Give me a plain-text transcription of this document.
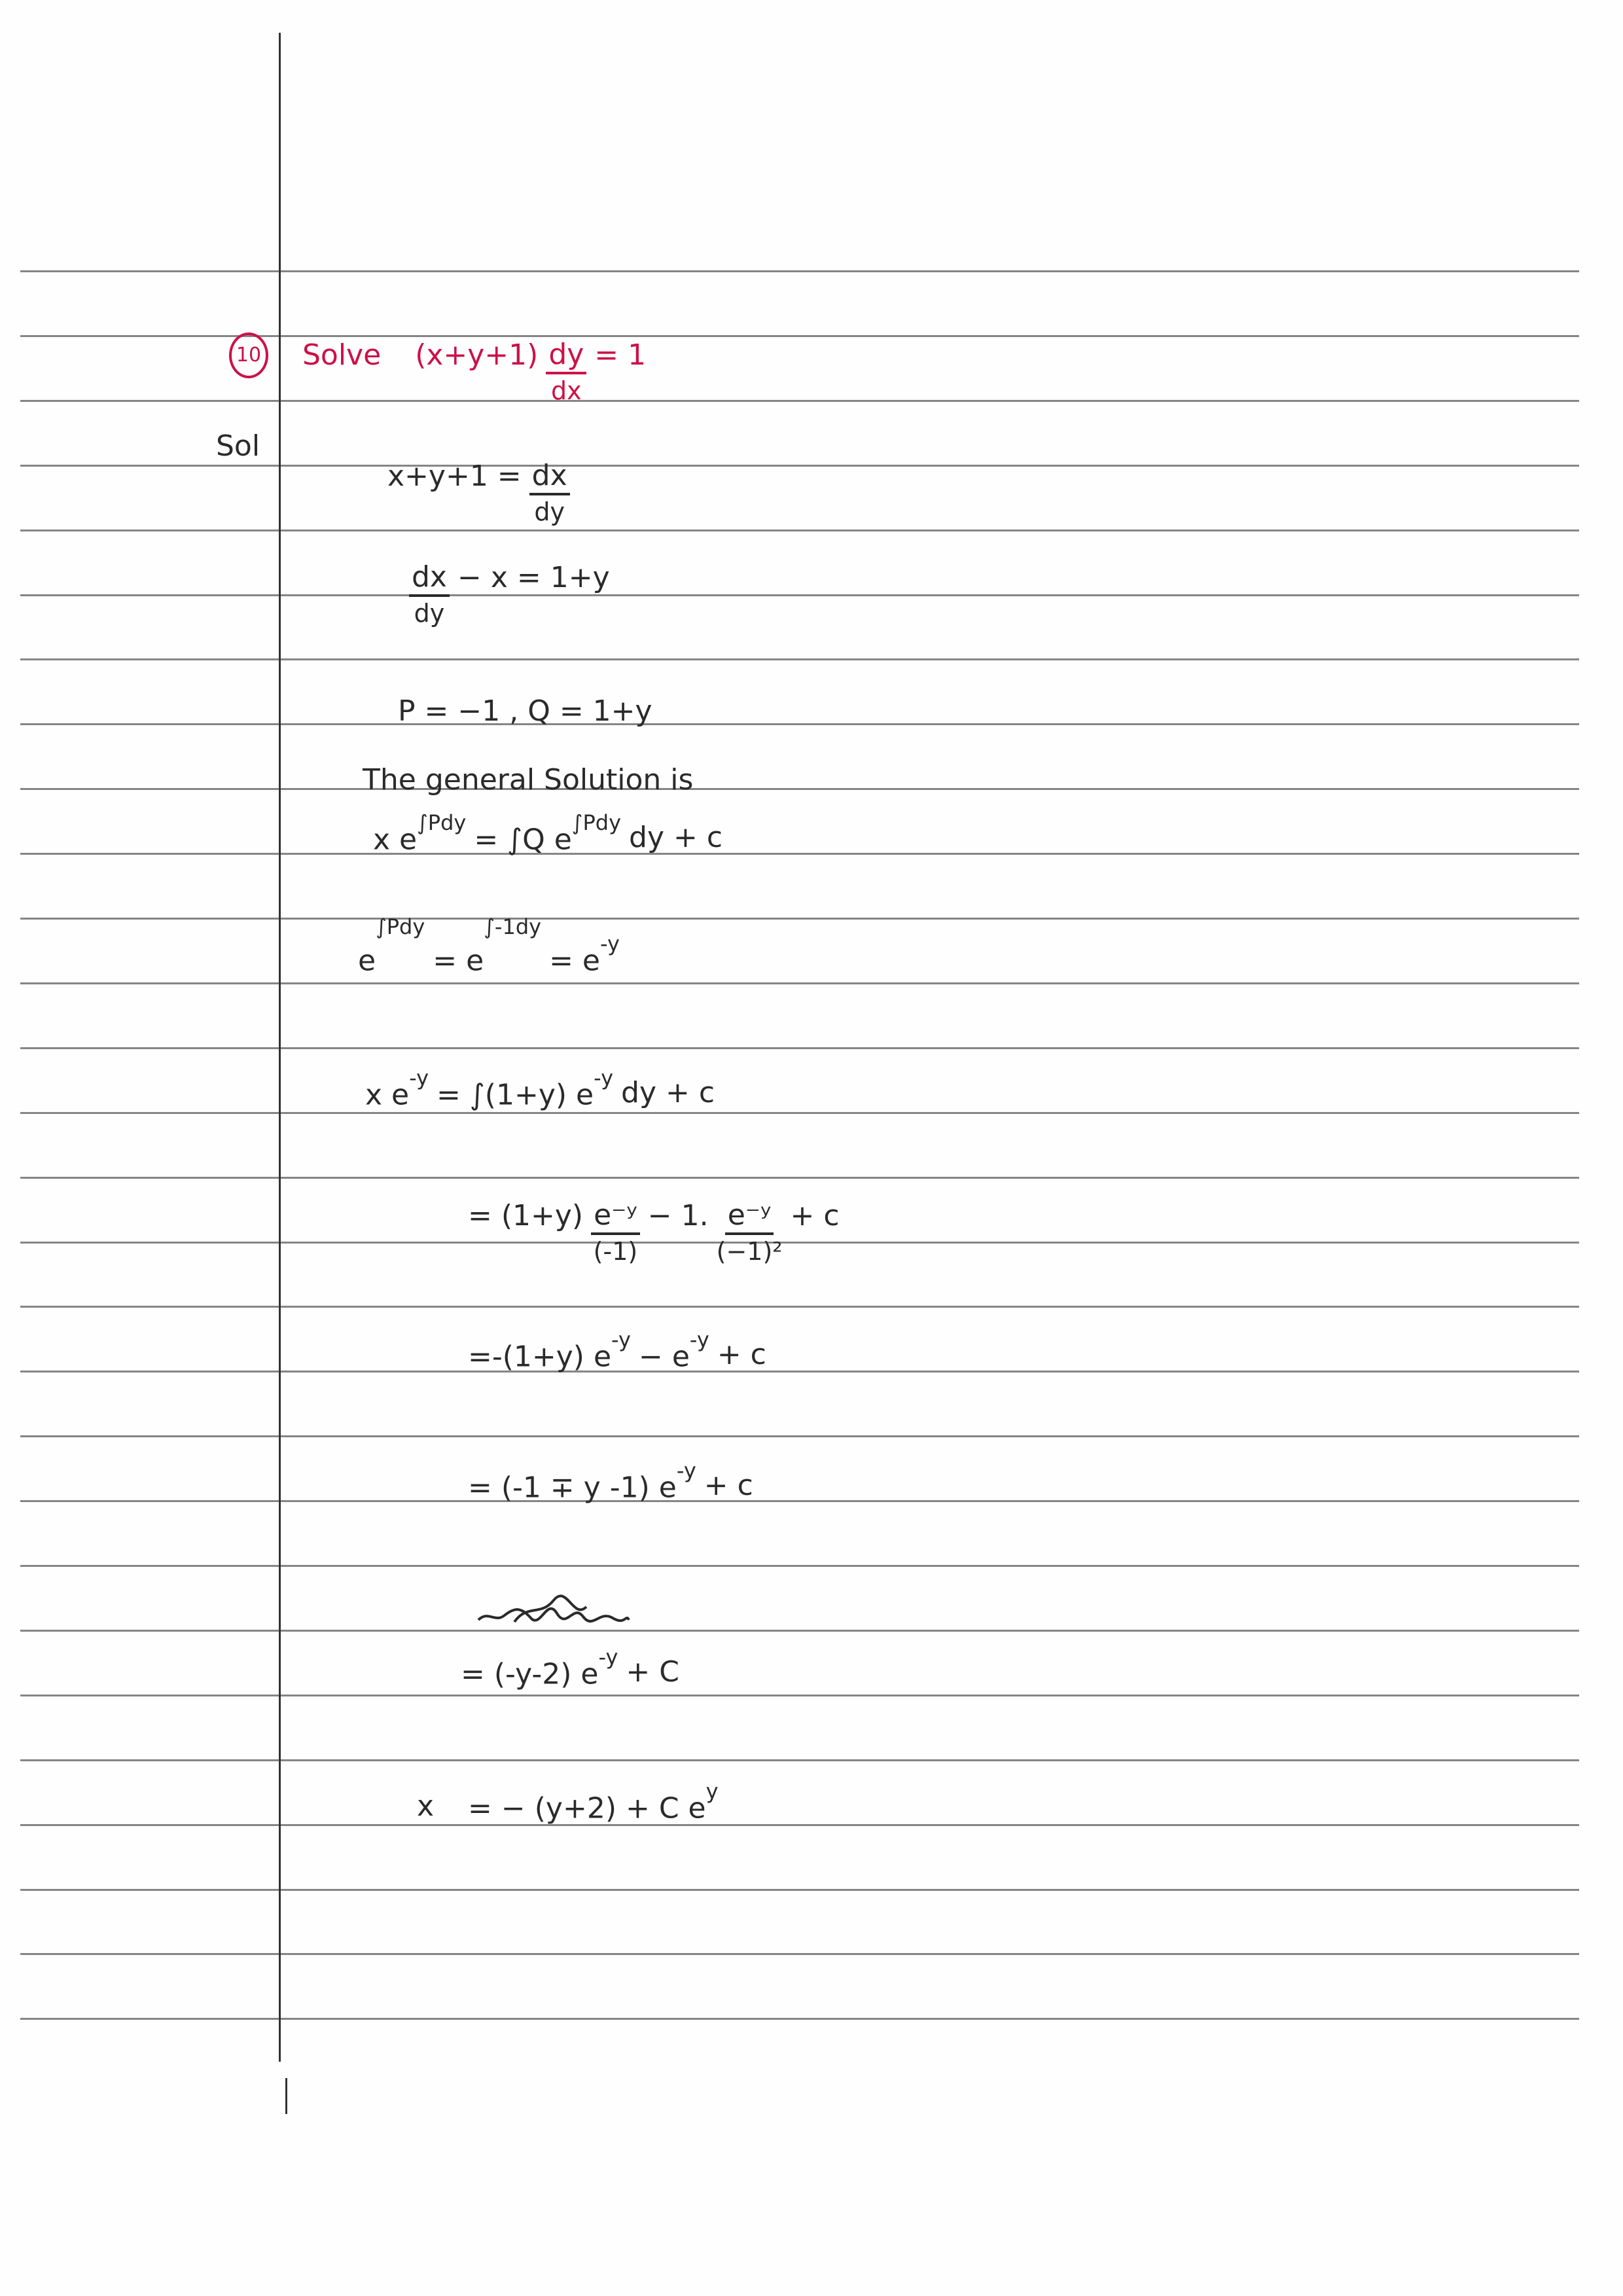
10 Solve $(x+y+1) \frac{dy}{dx} = 1$
Sol
$x+y+1 = \frac{dx}{dy}$
$\frac{dx}{dy} - x = 1+y$
P = −1 , Q = 1+y
The general Solution is
x $e^{\int Pdy}$
= ∫Q $e^{\int Pdy}$ dy + c
$e^{\int Pdy}$
= $e^{\int-1dy}$
= $e^{-y}$
x $e^{-y}$
= ∫(1+y) $e^{-y}$ dy + c
= $(1+y) \frac{\text{e⁻ʸ}}{(-1)} - 1$. $\frac{\text{e⁻ʸ}}{\text{(−1)²}} + c$
=-(1+y) $e^{-y}$
− $e^{-y} + c$
= (-1 ∓ y -1) $e^{-y} + c$
= (-y-2) $e^{-y} + C$
x = − (y+2) + C $e^y$
